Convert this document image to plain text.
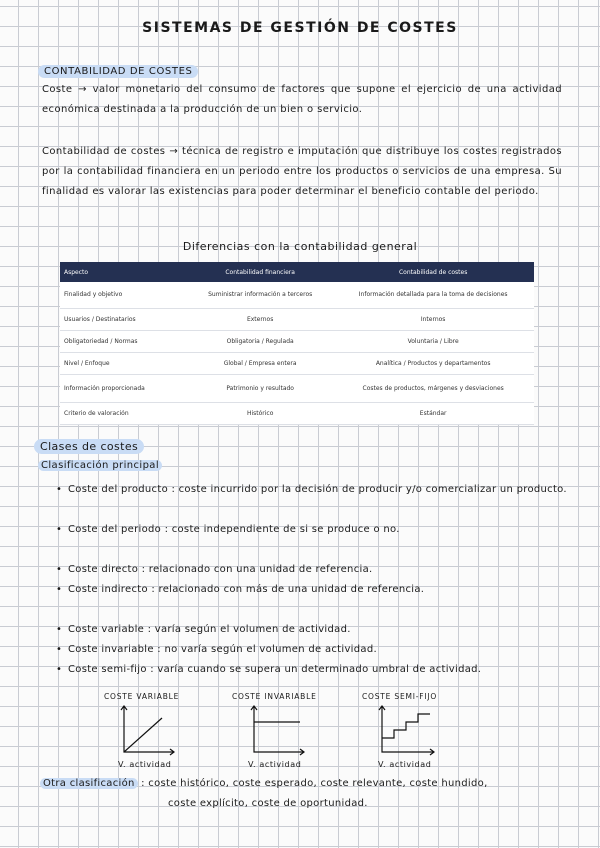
SISTEMAS DE GESTIÓN DE COSTES
CONTABILIDAD DE COSTES
Coste → valor monetario del consumo de factores que supone el ejercicio de una actividad económica destinada a la producción de un bien o servicio.
Contabilidad de costes → técnica de registro e imputación que distribuye los costes registrados por la contabilidad financiera en un periodo entre los productos o servicios de una empresa. Su finalidad es valorar las existencias para poder determinar el beneficio contable del periodo.
Diferencias con la contabilidad general
Aspecto	Contabilidad financiera	Contabilidad de costes
Finalidad y objetivo	Suministrar información a terceros	Información detallada para la toma de decisiones
Usuarios / Destinatarios	Externos	Internos
Obligatoriedad / Normas	Obligatoria / Regulada	Voluntaria / Libre
Nivel / Enfoque	Global / Empresa entera	Analítica / Productos y departamentos
Información proporcionada	Patrimonio y resultado	Costes de productos, márgenes y desviaciones
Criterio de valoración	Histórico	Estándar
Clases de costes
Clasificación principal
• Coste del producto : coste incurrido por la decisión de producir y/o comercializar un producto.
• Coste del periodo : coste independiente de si se produce o no.
• Coste directo : relacionado con una unidad de referencia.
• Coste indirecto : relacionado con más de una unidad de referencia.
• Coste variable : varía según el volumen de actividad.
• Coste invariable : no varía según el volumen de actividad.
• Coste semi-fijo : varía cuando se supera un determinado umbral de actividad.
COSTE VARIABLE
V. actividad
COSTE INVARIABLE
V. actividad
COSTE SEMI-FIJO
V. actividad
Otra clasificación : coste histórico, coste esperado, coste relevante, coste hundido,
coste explícito, coste de oportunidad.
